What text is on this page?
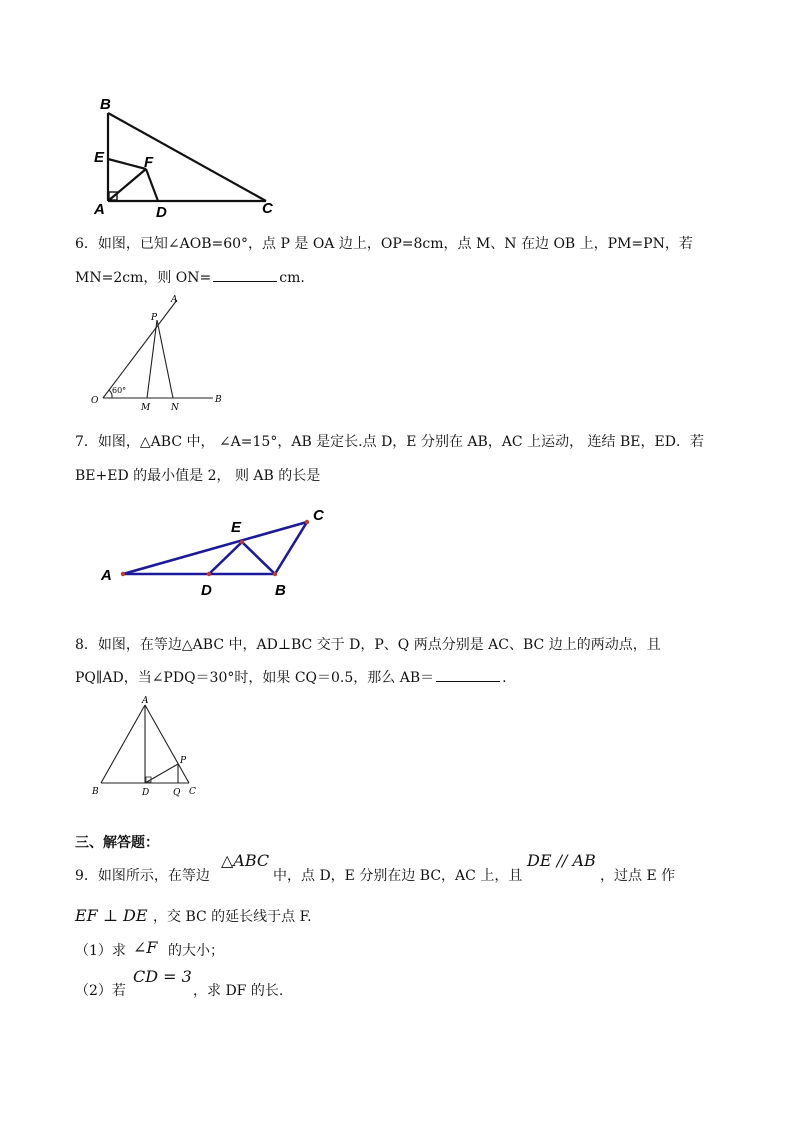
B
E	F
A	D	C
6．如图，已知∠AOB=60°，点 P 是 OA 边上，OP=8cm，点 M、N 在边 OB 上，PM=PN，若
MN=2cm，则 ON=	cm.
A
P
O
60°
M N
B
7．如图，△ABC 中， ∠A=15°，AB 是定长.点 D，E 分别在 AB，AC 上运动， 连结 BE，ED．若
BE+ED 的最小值是 2， 则 AB 的长是
E
C
A
D	B
8．如图，在等边△ABC 中，AD⊥BC 交于 D，P、Q 两点分别是 AC、BC 边上的两动点，且
PQ∥AD，当∠PDQ＝30°时，如果 CQ＝0.5，那么 AB＝	.
A
P
B	D	Q C
三、解答题：
9．如图所示，在等边
△ABC
中，点 D，E 分别在边 BC，AC 上，且
DE // AB
，过点 E 作
EF ⊥ DE ，交 BC 的延长线于点 F.
（1）求 ∠F 的大小；
（2）若
CD = 3
，求 DF 的长.
